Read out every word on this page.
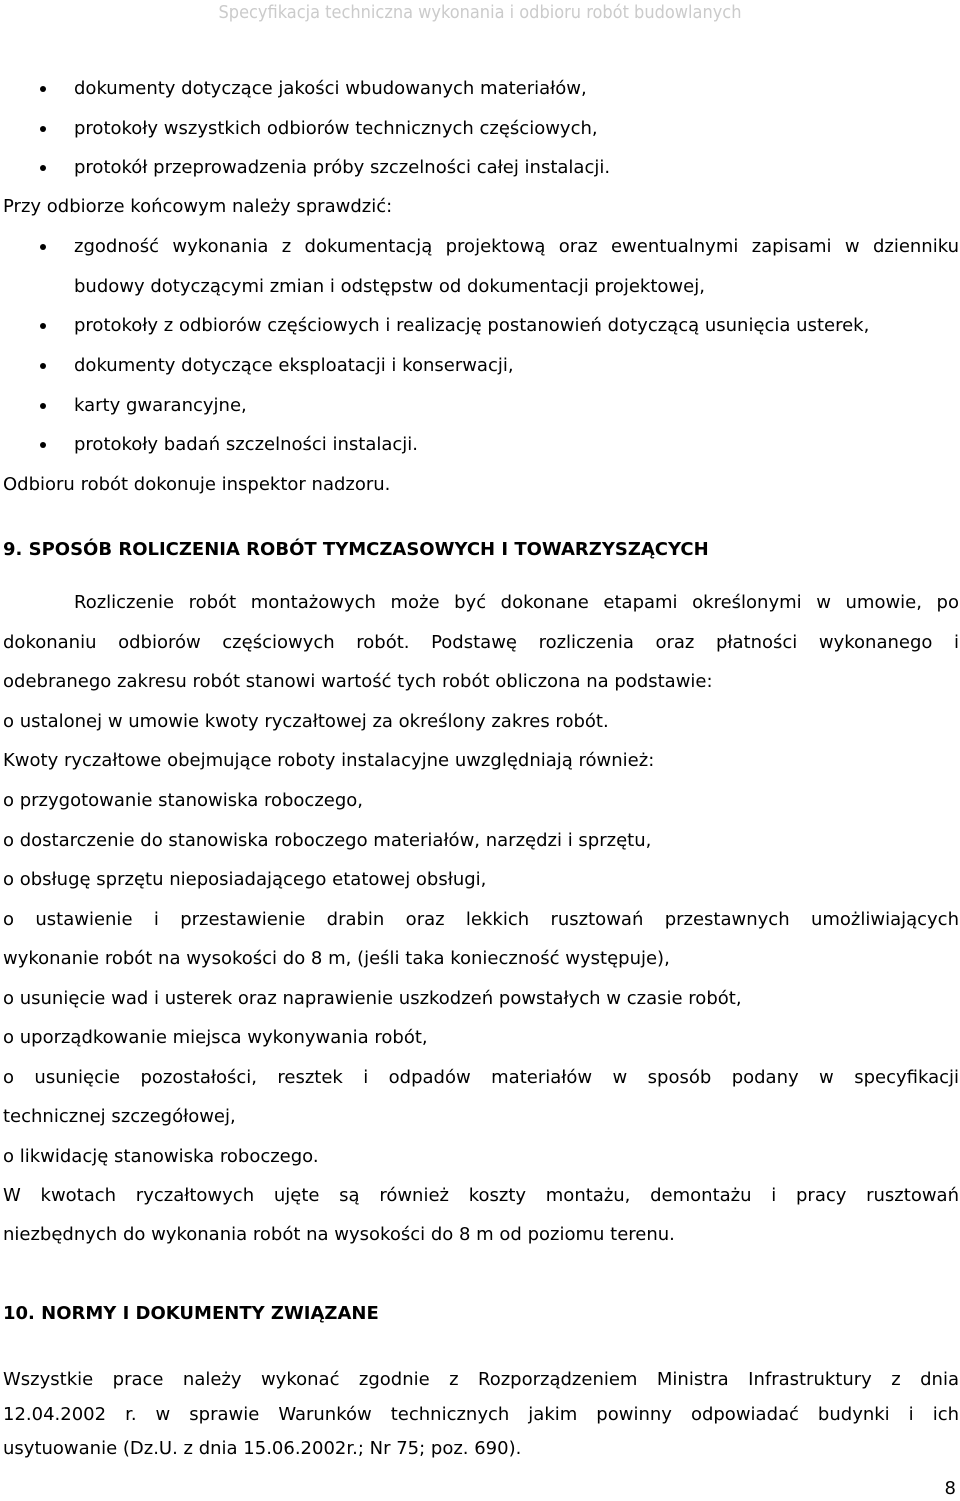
Specyfikacja techniczna wykonania i odbioru robót budowlanych
dokumenty dotyczące jakości wbudowanych materiałów,
protokoły wszystkich odbiorów technicznych częściowych,
protokół przeprowadzenia próby szczelności całej instalacji.
Przy odbiorze końcowym należy sprawdzić:
zgodność wykonania z dokumentacją projektową oraz ewentualnymi zapisami w dzienniku
budowy dotyczącymi zmian i odstępstw od dokumentacji projektowej,
protokoły z odbiorów częściowych i realizację postanowień dotyczącą usunięcia usterek,
dokumenty dotyczące eksploatacji i konserwacji,
karty gwarancyjne,
protokoły badań szczelności instalacji.
Odbioru robót dokonuje inspektor nadzoru.
9. SPOSÓB ROLICZENIA ROBÓT TYMCZASOWYCH I TOWARZYSZĄCYCH
Rozliczenie robót montażowych może być dokonane etapami określonymi w umowie, po
dokonaniu odbiorów częściowych robót. Podstawę rozliczenia oraz płatności wykonanego i
odebranego zakresu robót stanowi wartość tych robót obliczona na podstawie:
o ustalonej w umowie kwoty ryczałtowej za określony zakres robót.
Kwoty ryczałtowe obejmujące roboty instalacyjne uwzględniają również:
o przygotowanie stanowiska roboczego,
o dostarczenie do stanowiska roboczego materiałów, narzędzi i sprzętu,
o obsługę sprzętu nieposiadającego etatowej obsługi,
o ustawienie i przestawienie drabin oraz lekkich rusztowań przestawnych umożliwiających
wykonanie robót na wysokości do 8 m, (jeśli taka konieczność występuje),
o usunięcie wad i usterek oraz naprawienie uszkodzeń powstałych w czasie robót,
o uporządkowanie miejsca wykonywania robót,
o usunięcie pozostałości, resztek i odpadów materiałów w sposób podany w specyfikacji
technicznej szczegółowej,
o likwidację stanowiska roboczego.
W kwotach ryczałtowych ujęte są również koszty montażu, demontażu i pracy rusztowań
niezbędnych do wykonania robót na wysokości do 8 m od poziomu terenu.
10. NORMY I DOKUMENTY ZWIĄZANE
Wszystkie prace należy wykonać zgodnie z Rozporządzeniem Ministra Infrastruktury z dnia
12.04.2002 r. w sprawie Warunków technicznych jakim powinny odpowiadać budynki i ich
usytuowanie (Dz.U. z dnia 15.06.2002r.; Nr 75; poz. 690).
8
